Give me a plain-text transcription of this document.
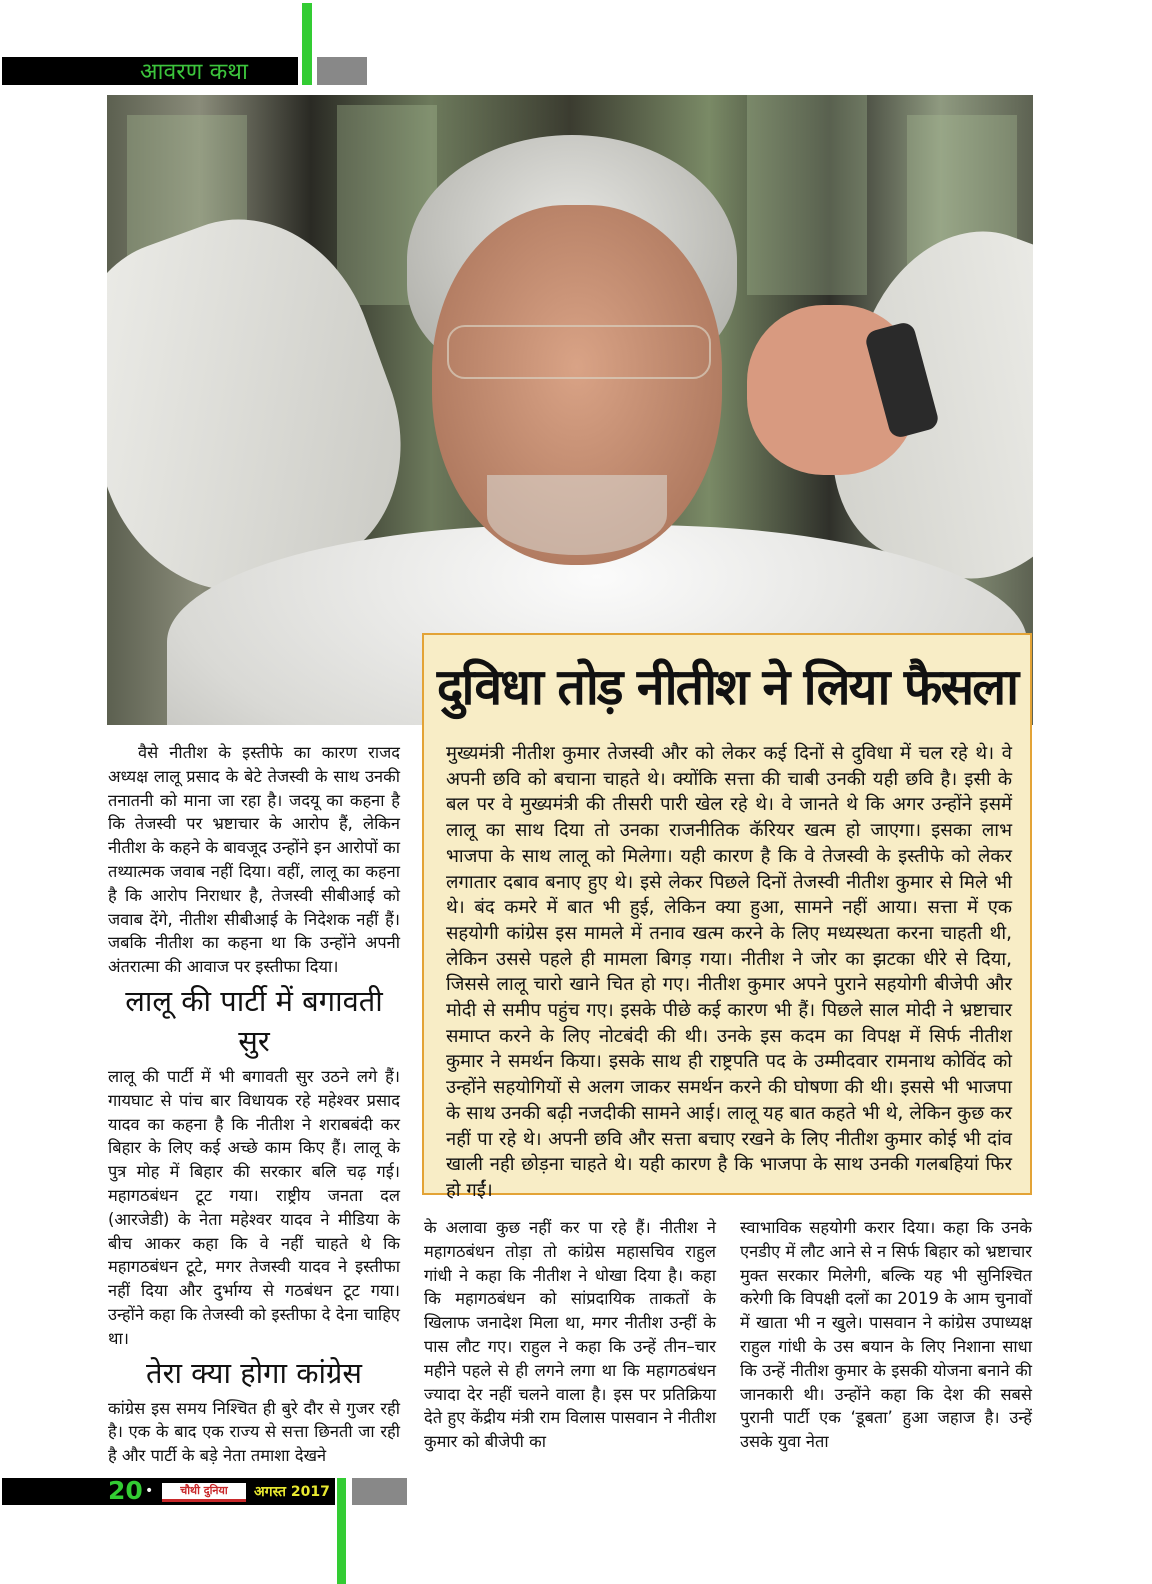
आवरण कथा
दुविधा तोड़ नीतीश ने लिया फैसला
मुख्यमंत्री नीतीश कुमार तेजस्वी और को लेकर कई दिनों से दुविधा में चल रहे थे। वे अपनी छवि को बचाना चाहते थे। क्योंकि सत्ता की चाबी उनकी यही छवि है। इसी के बल पर वे मुख्यमंत्री की तीसरी पारी खेल रहे थे। वे जानते थे कि अगर उन्होंने इसमें लालू का साथ दिया तो उनका राजनीतिक कॅरियर खत्म हो जाएगा। इसका लाभ भाजपा के साथ लालू को मिलेगा। यही कारण है कि वे तेजस्वी के इस्तीफे को लेकर लगातार दबाव बनाए हुए थे। इसे लेकर पिछले दिनों तेजस्वी नीतीश कुमार से मिले भी थे। बंद कमरे में बात भी हुई, लेकिन क्या हुआ, सामने नहीं आया। सत्ता में एक सहयोगी कांग्रेस इस मामले में तनाव खत्म करने के लिए मध्यस्थता करना चाहती थी, लेकिन उससे पहले ही मामला बिगड़ गया। नीतीश ने जोर का झटका धीरे से दिया, जिससे लालू चारो खाने चित हो गए। नीतीश कुमार अपने पुराने सहयोगी बीजेपी और मोदी से समीप पहुंच गए। इसके पीछे कई कारण भी हैं। पिछले साल मोदी ने भ्रष्टाचार समाप्त करने के लिए नोटबंदी की थी। उनके इस कदम का विपक्ष में सिर्फ नीतीश कुमार ने समर्थन किया। इसके साथ ही राष्ट्रपति पद के उम्मीदवार रामनाथ कोविंद को उन्होंने सहयोगियों से अलग जाकर समर्थन करने की घोषणा की थी। इससे भी भाजपा के साथ उनकी बढ़ी नजदीकी सामने आई। लालू यह बात कहते भी थे, लेकिन कुछ कर नहीं पा रहे थे। अपनी छवि और सत्ता बचाए रखने के लिए नीतीश कुमार कोई भी दांव खाली नही छोड़ना चाहते थे। यही कारण है कि भाजपा के साथ उनकी गलबहियां फिर हो गईं।

वैसे नीतीश के इस्तीफे का कारण राजद अध्यक्ष लालू प्रसाद के बेटे तेजस्वी के साथ उनकी तनातनी को माना जा रहा है। जदयू का कहना है कि तेजस्वी पर भ्रष्टाचार के आरोप हैं, लेकिन नीतीश के कहने के बावजूद उन्होंने इन आरोपों का तथ्यात्मक जवाब नहीं दिया। वहीं, लालू का कहना है कि आरोप निराधार है, तेजस्वी सीबीआई को जवाब देंगे, नीतीश सीबीआई के निदेशक नहीं हैं। जबकि नीतीश का कहना था कि उन्होंने अपनी अंतरात्मा की आवाज पर इस्तीफा दिया।

लालू की पार्टी में बगावती सुर

लालू की पार्टी में भी बगावती सुर उठने लगे हैं। गायघाट से पांच बार विधायक रहे महेश्वर प्रसाद यादव का कहना है कि नीतीश ने शराबबंदी कर बिहार के लिए कई अच्छे काम किए हैं। लालू के पुत्र मोह में बिहार की सरकार बलि चढ़ गई। महागठबंधन टूट गया। राष्ट्रीय जनता दल (आरजेडी) के नेता महेश्वर यादव ने मीडिया के बीच आकर कहा कि वे नहीं चाहते थे कि महागठबंधन टूटे, मगर तेजस्वी यादव ने इस्तीफा नहीं दिया और दुर्भाग्य से गठबंधन टूट गया। उन्होंने कहा कि तेजस्वी को इस्तीफा दे देना चाहिए था।

तेरा क्या होगा कांग्रेस

कांग्रेस इस समय निश्चित ही बुरे दौर से गुजर रही है। एक के बाद एक राज्य से सत्ता छिनती जा रही है और पार्टी के बड़े नेता तमाशा देखने

के अलावा कुछ नहीं कर पा रहे हैं। नीतीश ने महागठबंधन तोड़ा तो कांग्रेस महासचिव राहुल गांधी ने कहा कि नीतीश ने धोखा दिया है। कहा कि महागठबंधन को सांप्रदायिक ताकतों के खिलाफ जनादेश मिला था, मगर नीतीश उन्हीं के पास लौट गए। राहुल ने कहा कि उन्हें तीन–चार महीने पहले से ही लगने लगा था कि महागठबंधन ज्यादा देर नहीं चलने वाला है। इस पर प्रतिक्रिया देते हुए केंद्रीय मंत्री राम विलास पासवान ने नीतीश कुमार को बीजेपी का

स्वाभाविक सहयोगी करार दिया। कहा कि उनके एनडीए में लौट आने से न सिर्फ बिहार को भ्रष्टाचार मुक्त सरकार मिलेगी, बल्कि यह भी सुनिश्चित करेगी कि विपक्षी दलों का 2019 के आम चुनावों में खाता भी न खुले। पासवान ने कांग्रेस उपाध्यक्ष राहुल गांधी के उस बयान के लिए निशाना साधा कि उन्हें नीतीश कुमार के इसकी योजना बनाने की जानकारी थी। उन्होंने कहा कि देश की सबसे पुरानी पार्टी एक ‘डूबता’ हुआ जहाज है। उन्हें उसके युवा नेता

20 •	चौथी दुनिया	अगस्त 2017
